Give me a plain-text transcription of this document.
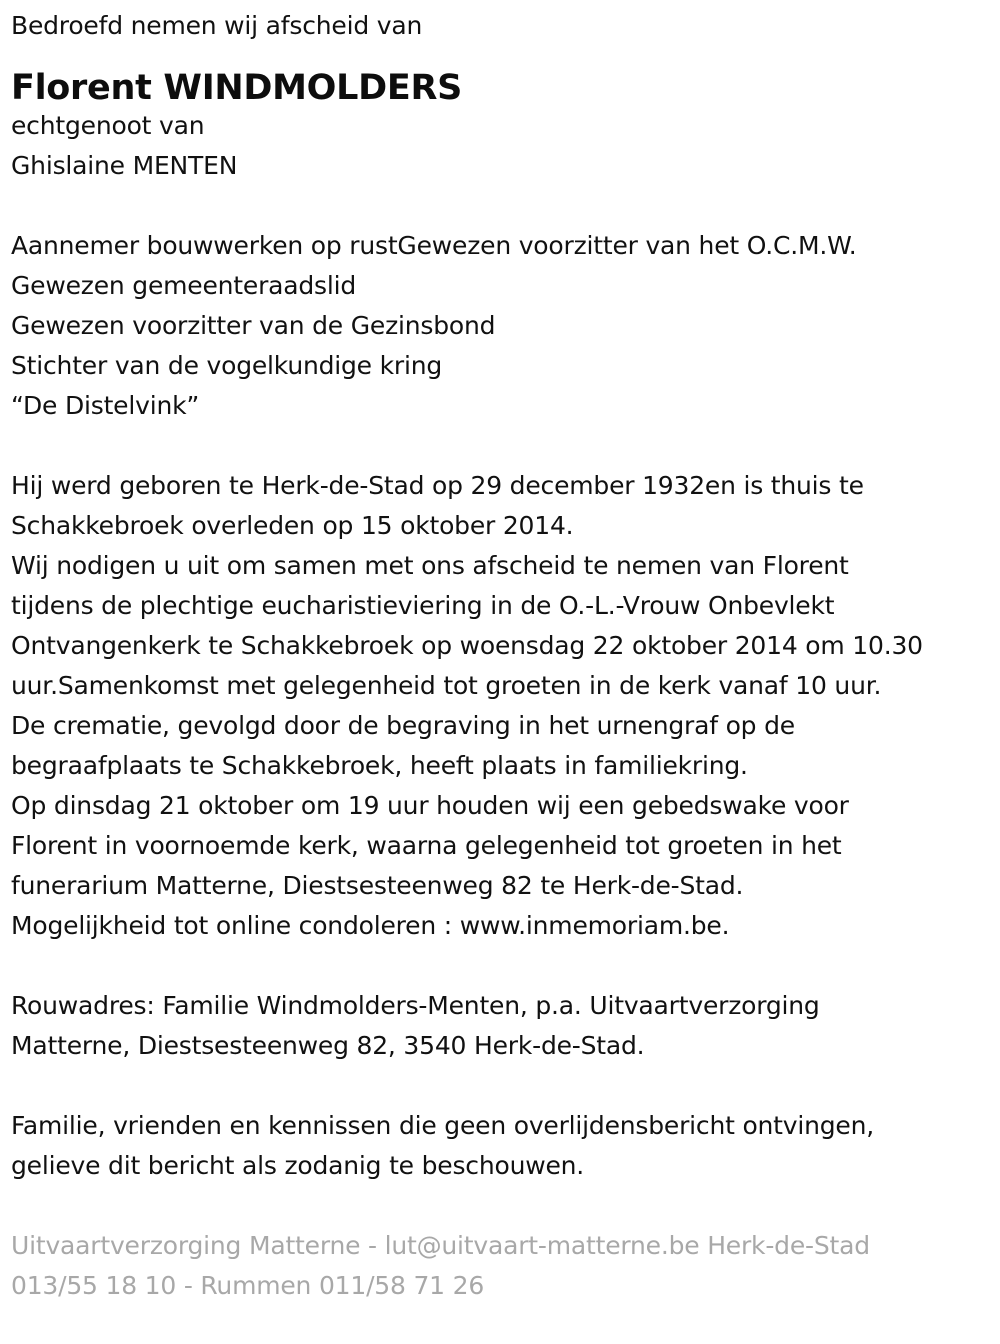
Bedroefd nemen wij afscheid van
Florent WINDMOLDERS
echtgenoot van
Ghislaine MENTEN
Aannemer bouwwerken op rustGewezen voorzitter van het O.C.M.W.
Gewezen gemeenteraadslid
Gewezen voorzitter van de Gezinsbond
Stichter van de vogelkundige kring
“De Distelvink”
Hij werd geboren te Herk-de-Stad op 29 december 1932en is thuis te
Schakkebroek overleden op 15 oktober 2014.
Wij nodigen u uit om samen met ons afscheid te nemen van Florent
tijdens de plechtige eucharistieviering in de O.-L.-Vrouw Onbevlekt
Ontvangenkerk te Schakkebroek op woensdag 22 oktober 2014 om 10.30
uur.Samenkomst met gelegenheid tot groeten in de kerk vanaf 10 uur.
De crematie, gevolgd door de begraving in het urnengraf op de
begraafplaats te Schakkebroek, heeft plaats in familiekring.
Op dinsdag 21 oktober om 19 uur houden wij een gebedswake voor
Florent in voornoemde kerk, waarna gelegenheid tot groeten in het
funerarium Matterne, Diestsesteenweg 82 te Herk-de-Stad.
Mogelijkheid tot online condoleren : www.inmemoriam.be.
Rouwadres: Familie Windmolders-Menten, p.a. Uitvaartverzorging
Matterne, Diestsesteenweg 82, 3540 Herk-de-Stad.
Familie, vrienden en kennissen die geen overlijdensbericht ontvingen,
gelieve dit bericht als zodanig te beschouwen.
Uitvaartverzorging Matterne - lut@uitvaart-matterne.be Herk-de-Stad
013/55 18 10 - Rummen 011/58 71 26
